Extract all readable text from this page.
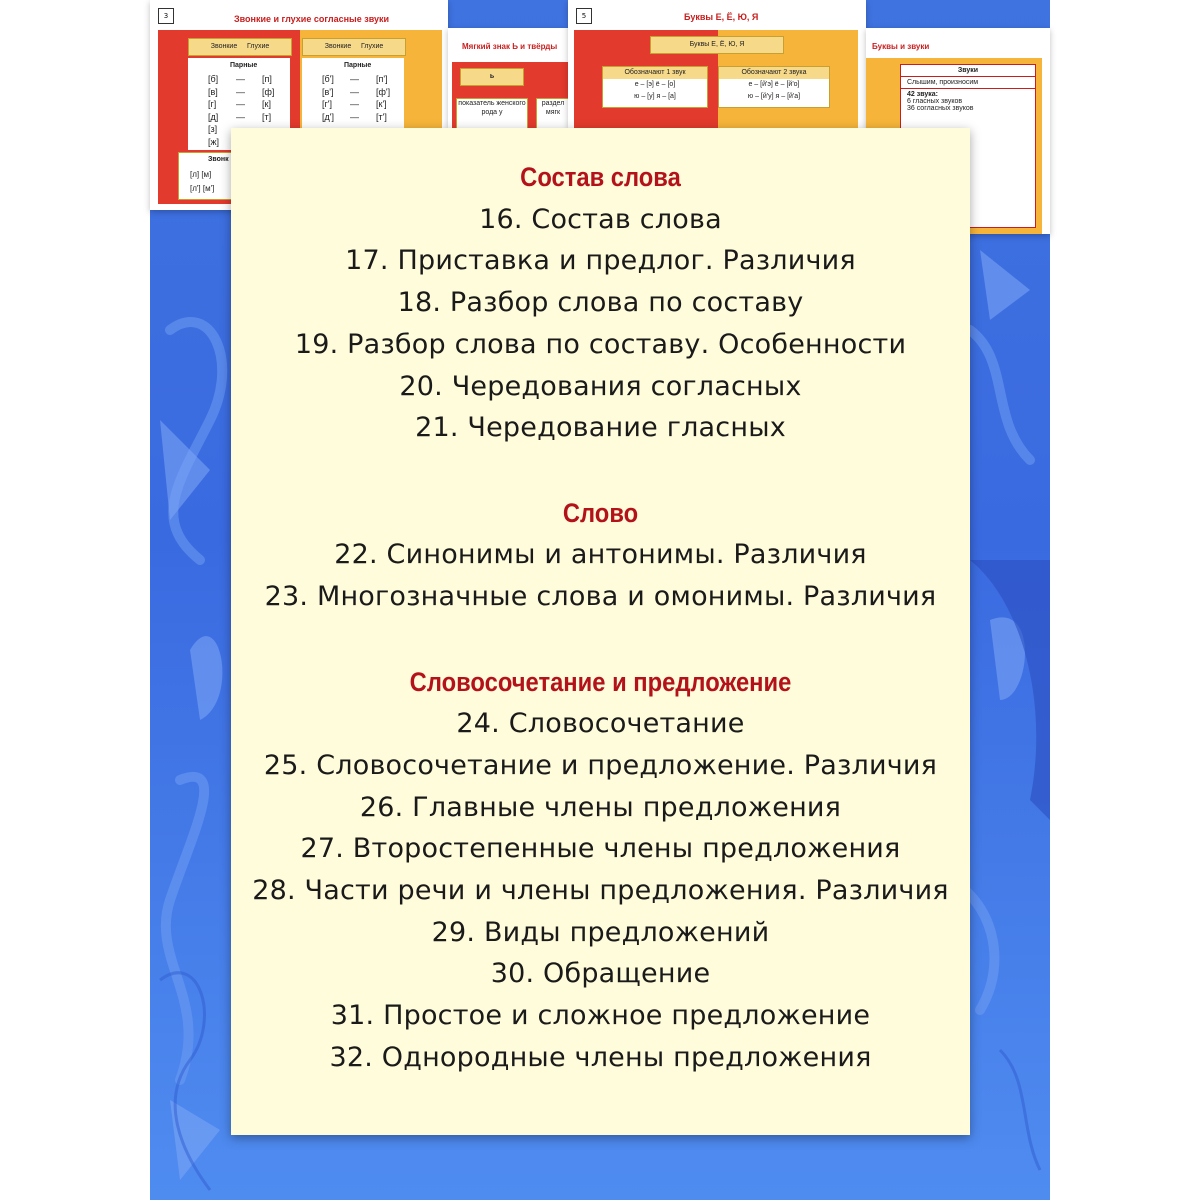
3	Звонкие и глухие согласные звуки
Звонкие Глухие	Звонкие Глухие
Парные	Парные
[б] — [п]
[в] — [ф]
[г] — [к]
[д] — [т]
[з]
[ж]
[б'] — [п']
[в'] — [ф']
[г'] — [к']
[д'] — [т']
Звонк
[л] [м]
[л'] [м']
Мягкий знак Ь и твёрды
ь
показатель женского рода у
раздел мягк
5	Буквы Е, Ё, Ю, Я
Буквы Е, Ё, Ю, Я
Обозначают 1 звук
е – [э] ё – [о]
ю – [у] я – [а]
Обозначают 2 звука
е – [й'э] ё – [й'о]
ю – [й'у] я – [й'а]
Буквы и звуки
Звуки
Слышим, произносим
42 звука:
6 гласных звуков
36 согласных звуков
Состав слова
16. Состав слова
17. Приставка и предлог. Различия
18. Разбор слова по составу
19. Разбор слова по составу. Особенности
20. Чередования согласных
21. Чередование гласных
Слово
22. Синонимы и антонимы. Различия
23. Многозначные слова и омонимы. Различия
Словосочетание и предложение
24. Словосочетание
25. Словосочетание и предложение. Различия
26. Главные члены предложения
27. Второстепенные члены предложения
28. Части речи и члены предложения. Различия
29. Виды предложений
30. Обращение
31. Простое и сложное предложение
32. Однородные члены предложения
